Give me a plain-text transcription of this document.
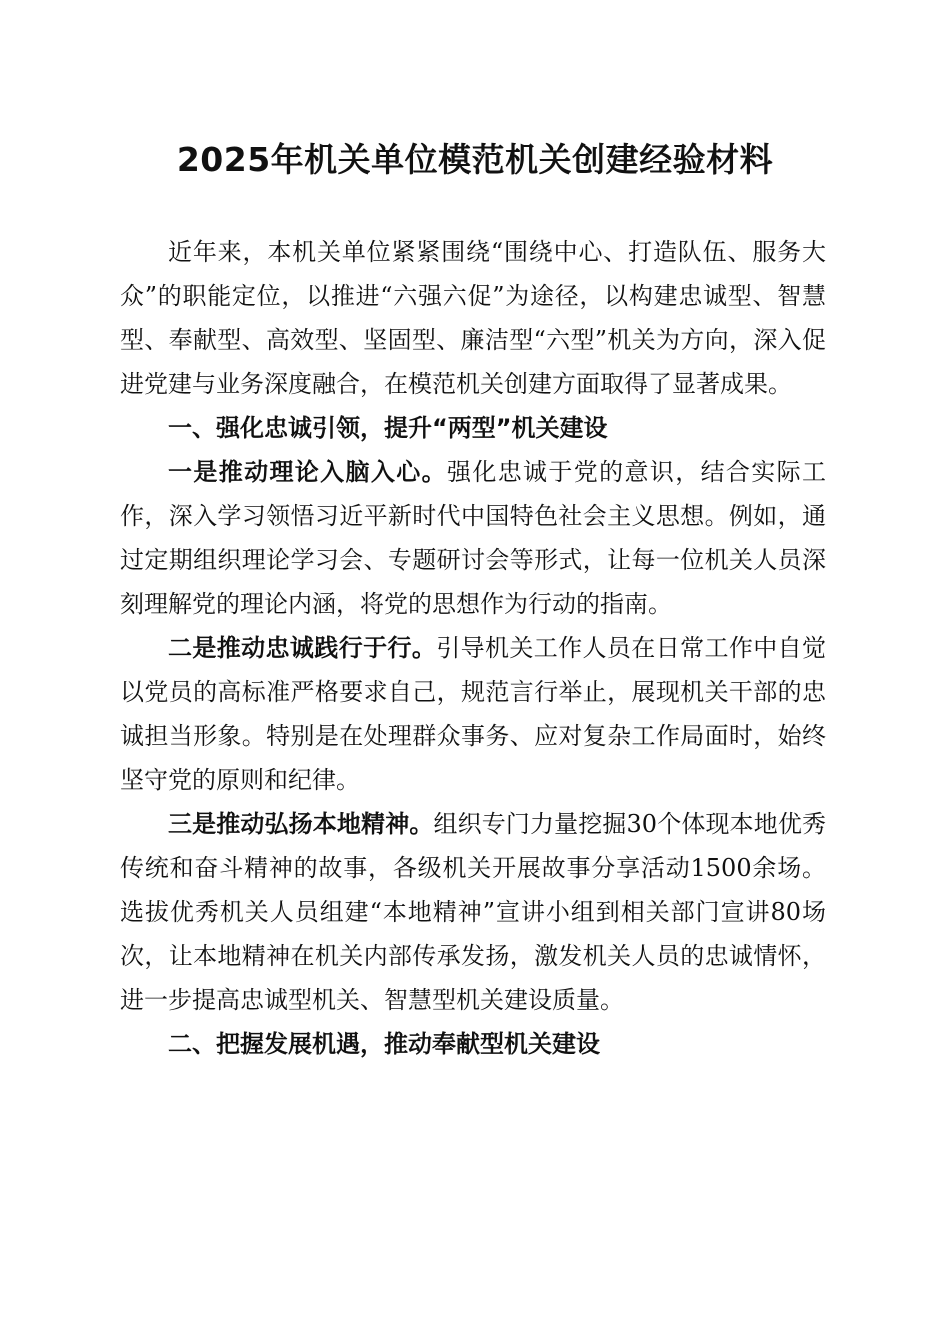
2025年机关单位模范机关创建经验材料

近年来，本机关单位紧紧围绕“围绕中心、打造队伍、服务大众”的职能定位，以推进“六强六促”为途径，以构建忠诚型、智慧型、奉献型、高效型、坚固型、廉洁型“六型”机关为方向，深入促进党建与业务深度融合，在模范机关创建方面取得了显著成果。

一、强化忠诚引领，提升“两型”机关建设

一是推动理论入脑入心。强化忠诚于党的意识，结合实际工作，深入学习领悟习近平新时代中国特色社会主义思想。例如，通过定期组织理论学习会、专题研讨会等形式，让每一位机关人员深刻理解党的理论内涵，将党的思想作为行动的指南。

二是推动忠诚践行于行。引导机关工作人员在日常工作中自觉以党员的高标准严格要求自己，规范言行举止，展现机关干部的忠诚担当形象。特别是在处理群众事务、应对复杂工作局面时，始终坚守党的原则和纪律。

三是推动弘扬本地精神。组织专门力量挖掘30个体现本地优秀传统和奋斗精神的故事，各级机关开展故事分享活动1500余场。选拔优秀机关人员组建“本地精神”宣讲小组到相关部门宣讲80场次，让本地精神在机关内部传承发扬，激发机关人员的忠诚情怀，进一步提高忠诚型机关、智慧型机关建设质量。

二、把握发展机遇，推动奉献型机关建设
